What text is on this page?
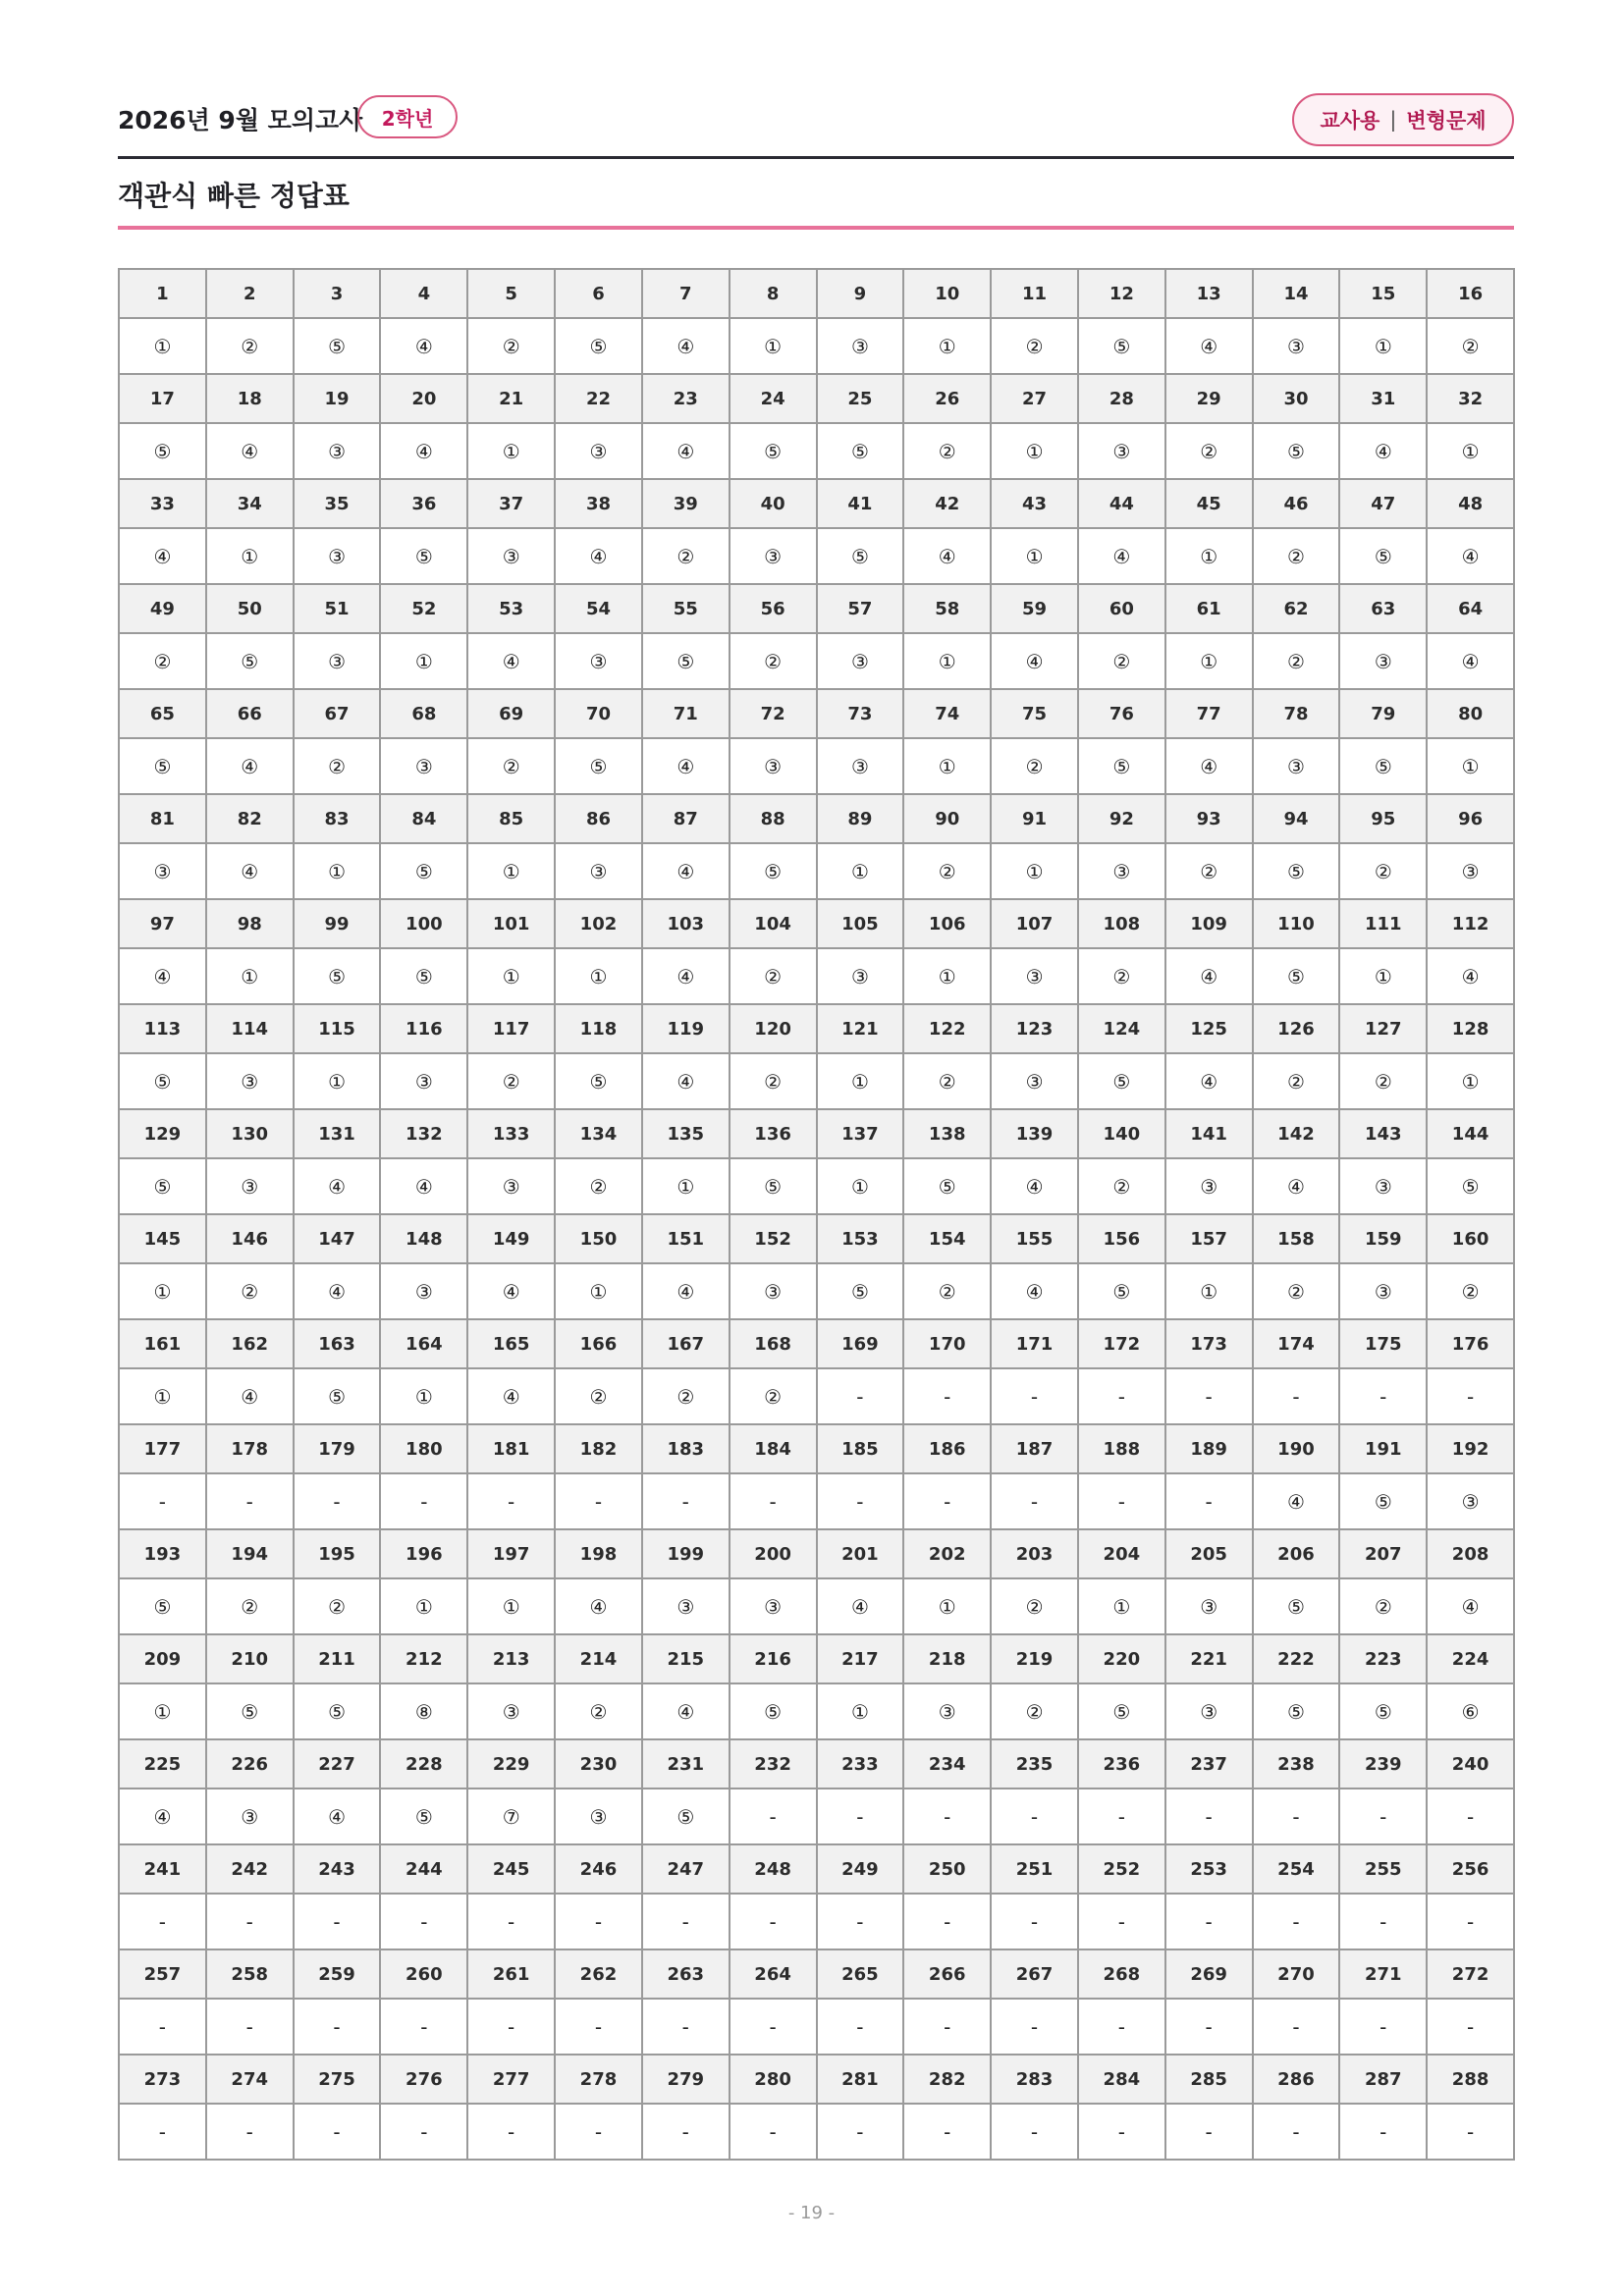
2026년 9월 모의고사 2학년	교사용 | 변형문제
객관식 빠른 정답표
1	2	3	4	5	6	7	8	9	10	11	12	13	14	15	16
①	②	⑤	④	②	⑤	④	①	③	①	②	⑤	④	③	①	②
17	18	19	20	21	22	23	24	25	26	27	28	29	30	31	32
⑤	④	③	④	①	③	④	⑤	⑤	②	①	③	②	⑤	④	①
33	34	35	36	37	38	39	40	41	42	43	44	45	46	47	48
④	①	③	⑤	③	④	②	③	⑤	④	①	④	①	②	⑤	④
49	50	51	52	53	54	55	56	57	58	59	60	61	62	63	64
②	⑤	③	①	④	③	⑤	②	③	①	④	②	①	②	③	④
65	66	67	68	69	70	71	72	73	74	75	76	77	78	79	80
⑤	④	②	③	②	⑤	④	③	③	①	②	⑤	④	③	⑤	①
81	82	83	84	85	86	87	88	89	90	91	92	93	94	95	96
③	④	①	⑤	①	③	④	⑤	①	②	①	③	②	⑤	②	③
97	98	99	100	101	102	103	104	105	106	107	108	109	110	111	112
④	①	⑤	⑤	①	①	④	②	③	①	③	②	④	⑤	①	④
113	114	115	116	117	118	119	120	121	122	123	124	125	126	127	128
⑤	③	①	③	②	⑤	④	②	①	②	③	⑤	④	②	②	①
129	130	131	132	133	134	135	136	137	138	139	140	141	142	143	144
⑤	③	④	④	③	②	①	⑤	①	⑤	④	②	③	④	③	⑤
145	146	147	148	149	150	151	152	153	154	155	156	157	158	159	160
①	②	④	③	④	①	④	③	⑤	②	④	⑤	①	②	③	②
161	162	163	164	165	166	167	168	169	170	171	172	173	174	175	176
①	④	⑤	①	④	②	②	②	-	-	-	-	-	-	-	-
177	178	179	180	181	182	183	184	185	186	187	188	189	190	191	192
-	-	-	-	-	-	-	-	-	-	-	-	-	④	⑤	③
193	194	195	196	197	198	199	200	201	202	203	204	205	206	207	208
⑤	②	②	①	①	④	③	③	④	①	②	①	③	⑤	②	④
209	210	211	212	213	214	215	216	217	218	219	220	221	222	223	224
①	⑤	⑤	⑧	③	②	④	⑤	①	③	②	⑤	③	⑤	⑤	⑥
225	226	227	228	229	230	231	232	233	234	235	236	237	238	239	240
④	③	④	⑤	⑦	③	⑤	-	-	-	-	-	-	-	-	-
241	242	243	244	245	246	247	248	249	250	251	252	253	254	255	256
-	-	-	-	-	-	-	-	-	-	-	-	-	-	-	-
257	258	259	260	261	262	263	264	265	266	267	268	269	270	271	272
-	-	-	-	-	-	-	-	-	-	-	-	-	-	-	-
273	274	275	276	277	278	279	280	281	282	283	284	285	286	287	288
-	-	-	-	-	-	-	-	-	-	-	-	-	-	-	-
- 19 -
